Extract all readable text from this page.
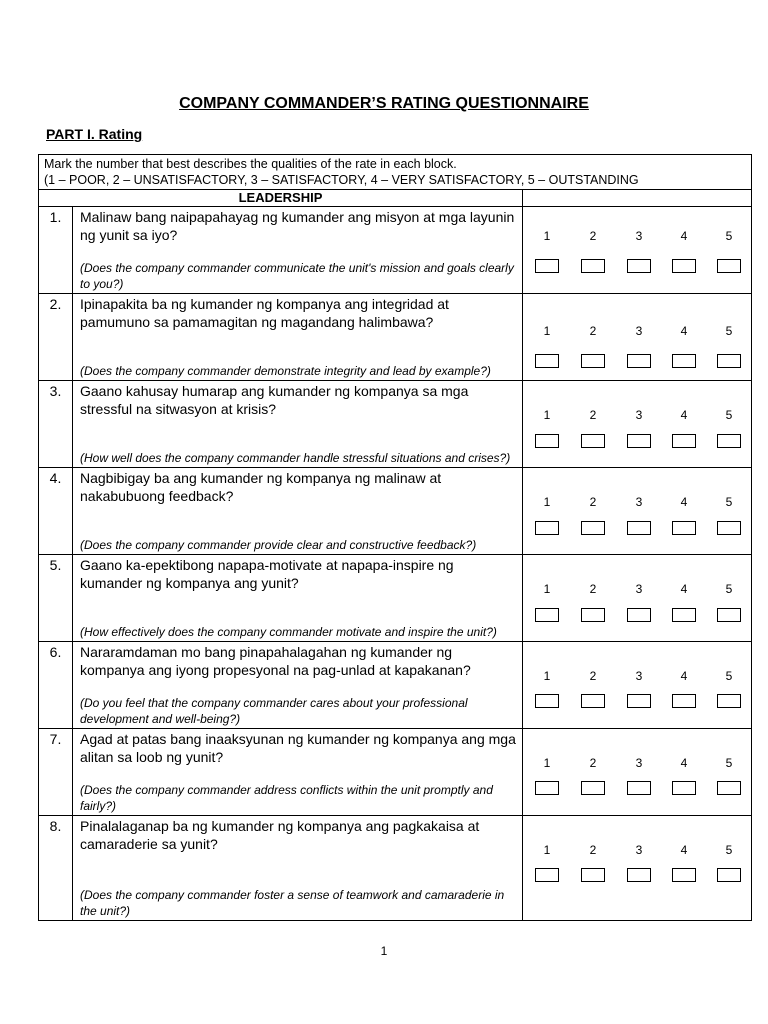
COMPANY COMMANDER’S RATING QUESTIONNAIRE
PART I. Rating
Mark the number that best describes the qualities of the rate in each block.
(1 – POOR, 2 – UNSATISFACTORY, 3 – SATISFACTORY, 4 – VERY SATISFACTORY, 5 – OUTSTANDING
LEADERSHIP
1.	Malinaw bang naipapahayag ng kumander ang misyon at mga layunin ng yunit sa iyo?
(Does the company commander communicate the unit's mission and goals clearly to you?)
1	2	3	4	5
2.	Ipinapakita ba ng kumander ng kompanya ang integridad at pamumuno sa pamamagitan ng magandang halimbawa?
(Does the company commander demonstrate integrity and lead by example?)
1	2	3	4	5
3.	Gaano kahusay humarap ang kumander ng kompanya sa mga stressful na sitwasyon at krisis?
(How well does the company commander handle stressful situations and crises?)
1	2	3	4	5
4.	Nagbibigay ba ang kumander ng kompanya ng malinaw at nakabubuong feedback?
(Does the company commander provide clear and constructive feedback?)
1	2	3	4	5
5.	Gaano ka-epektibong napapa-motivate at napapa-inspire ng kumander ng kompanya ang yunit?
(How effectively does the company commander motivate and inspire the unit?)
1	2	3	4	5
6.	Nararamdaman mo bang pinapahalagahan ng kumander ng kompanya ang iyong propesyonal na pag-unlad at kapakanan?
(Do you feel that the company commander cares about your professional development and well-being?)
1	2	3	4	5
7.	Agad at patas bang inaaksyunan ng kumander ng kompanya ang mga alitan sa loob ng yunit?
(Does the company commander address conflicts within the unit promptly and fairly?)
1	2	3	4	5
8.	Pinalalaganap ba ng kumander ng kompanya ang pagkakaisa at camaraderie sa yunit?
(Does the company commander foster a sense of teamwork and camaraderie in the unit?)
1	2	3	4	5
1
